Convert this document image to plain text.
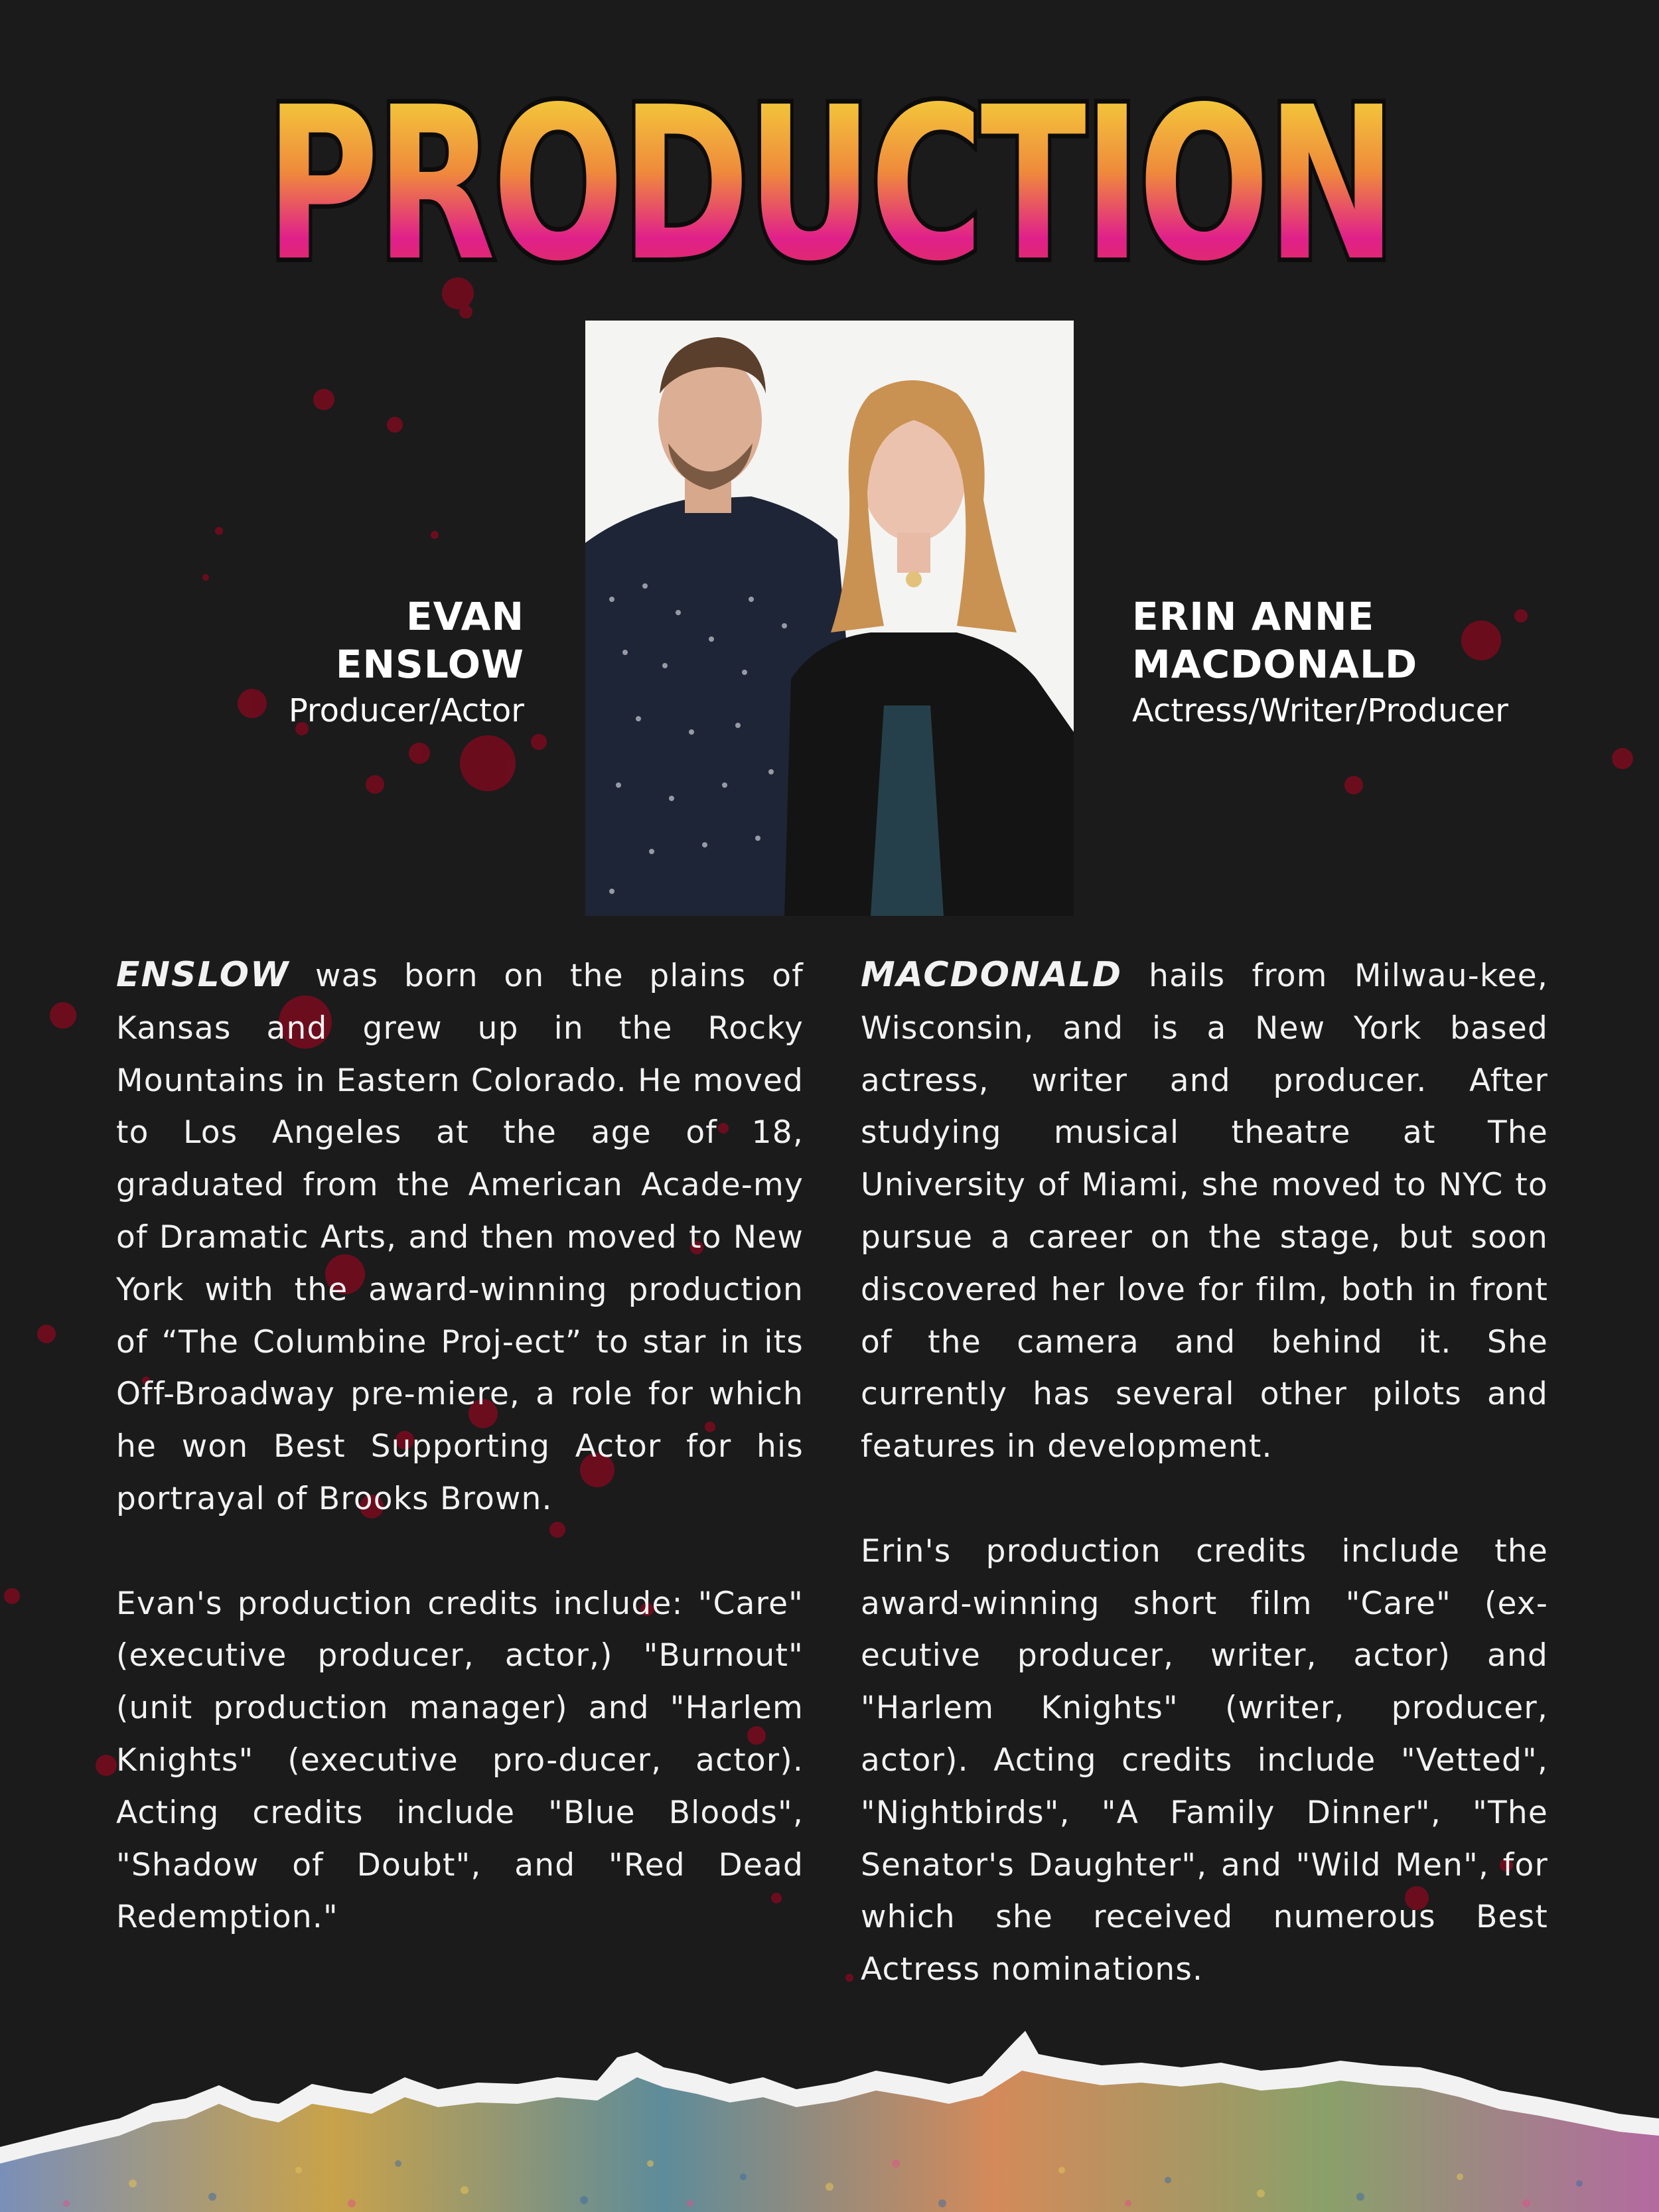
PRODUCTION
EVAN
ENSLOW
Producer/Actor
ERIN ANNE
MACDONALD
Actress/Writer/Producer

ENSLOW was born on the plains of Kansas and grew up in the Rocky Mountains in Eastern Colorado. He moved to Los Angeles at the age of 18, graduated from the American Acade-my of Dramatic Arts, and then moved to New York with the award-winning production of “The Columbine Proj-ect” to star in its Off-Broadway pre-miere, a role for which he won Best Supporting Actor for his portrayal of Brooks Brown.

Evan's production credits include: "Care" (executive producer, actor,) "Burnout" (unit production manager) and "Harlem Knights" (executive pro-ducer, actor). Acting credits include "Blue Bloods", "Shadow of Doubt", and "Red Dead Redemption."

MACDONALD hails from Milwau-kee, Wisconsin, and is a New York based actress, writer and producer. After studying musical theatre at The University of Miami, she moved to NYC to pursue a career on the stage, but soon discovered her love for film, both in front of the camera and behind it. She currently has several other pilots and features in development.

Erin's production credits include the award-winning short film "Care" (ex-ecutive producer, writer, actor) and "Harlem Knights" (writer, producer, actor). Acting credits include "Vetted", "Nightbirds", "A Family Dinner", "The Senator's Daughter", and "Wild Men", for which she received numerous Best Actress nominations.
